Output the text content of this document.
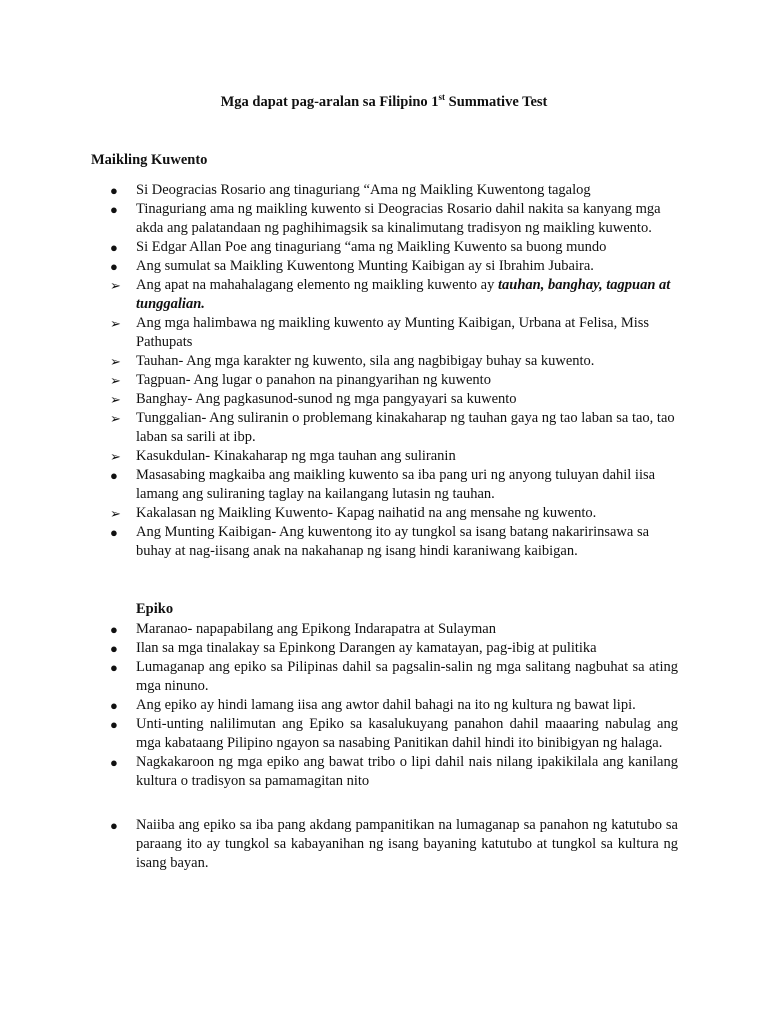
Mga dapat pag-aralan sa Filipino 1st Summative Test
Maikling Kuwento
● Si Deogracias Rosario ang tinaguriang “Ama ng Maikling Kuwentong tagalog
● Tinaguriang ama ng maikling kuwento si Deogracias Rosario dahil nakita sa kanyang mga akda ang palatandaan ng paghihimagsik sa kinalimutang tradisyon ng maikling kuwento.
● Si Edgar Allan Poe ang tinaguriang “ama ng Maikling Kuwento sa buong mundo
● Ang sumulat sa Maikling Kuwentong Munting Kaibigan ay si Ibrahim Jubaira.
➢ Ang apat na mahahalagang elemento ng maikling kuwento ay tauhan, banghay, tagpuan at tunggalian.
➢ Ang mga halimbawa ng maikling kuwento ay Munting Kaibigan, Urbana at Felisa, Miss Pathupats
➢ Tauhan- Ang mga karakter ng kuwento, sila ang nagbibigay buhay sa kuwento.
➢ Tagpuan- Ang lugar o panahon na pinangyarihan ng kuwento
➢ Banghay- Ang pagkasunod-sunod ng mga pangyayari sa kuwento
➢ Tunggalian- Ang suliranin o problemang kinakaharap ng tauhan gaya ng tao laban sa tao, tao laban sa sarili at ibp.
➢ Kasukdulan- Kinakaharap ng mga tauhan ang suliranin
● Masasabing magkaiba ang maikling kuwento sa iba pang uri ng anyong tuluyan dahil iisa lamang ang suliraning taglay na kailangang lutasin ng tauhan.
➢ Kakalasan ng Maikling Kuwento- Kapag naihatid na ang mensahe ng kuwento.
● Ang Munting Kaibigan- Ang kuwentong ito ay tungkol sa isang batang nakaririnsawa sa buhay at nag-iisang anak na nakahanap ng isang hindi karaniwang kaibigan.
Epiko
● Maranao- napapabilang ang Epikong Indarapatra at Sulayman
● Ilan sa mga tinalakay sa Epinkong Darangen ay kamatayan, pag-ibig at pulitika
● Lumaganap ang epiko sa Pilipinas dahil sa pagsalin-salin ng mga salitang nagbuhat sa ating mga ninuno.
● Ang epiko ay hindi lamang iisa ang awtor dahil bahagi na ito ng kultura ng bawat lipi.
● Unti-unting nalilimutan ang Epiko sa kasalukuyang panahon dahil maaaring nabulag ang mga kabataang Pilipino ngayon sa nasabing Panitikan dahil hindi ito binibigyan ng halaga.
● Nagkakaroon ng mga epiko ang bawat tribo o lipi dahil nais nilang ipakikilala ang kanilang kultura o tradisyon sa pamamagitan nito
● Naiiba ang epiko sa iba pang akdang pampanitikan na lumaganap sa panahon ng katutubo sa paraang ito ay tungkol sa kabayanihan ng isang bayaning katutubo at tungkol sa kultura ng isang bayan.
